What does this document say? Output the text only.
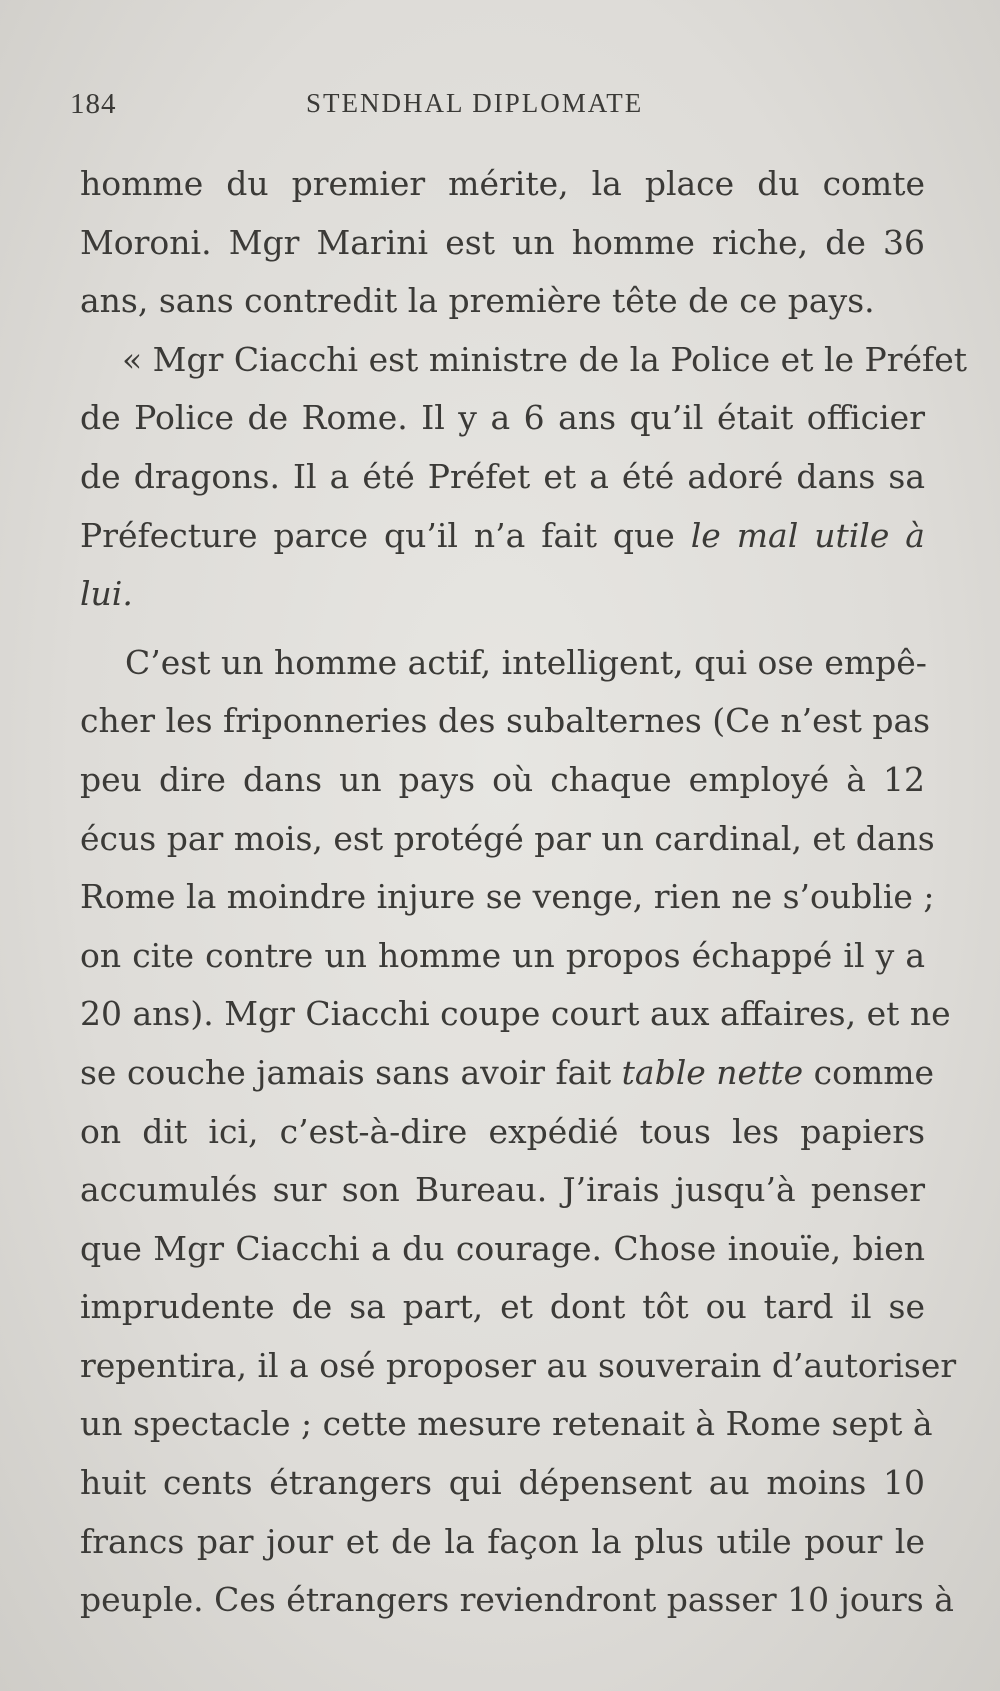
184	STENDHAL DIPLOMATE
homme du premier mérite, la place du comte
Moroni. Mgr Marini est un homme riche, de 36
ans, sans contredit la première tête de ce pays.
« Mgr Ciacchi est ministre de la Police et le Préfet
de Police de Rome. Il y a 6 ans qu’il était officier
de dragons. Il a été Préfet et a été adoré dans sa
Préfecture parce qu’il n’a fait que le mal utile à
lui.
C’est un homme actif, intelligent, qui ose empê-
cher les friponneries des subalternes (Ce n’est pas
peu dire dans un pays où chaque employé à 12
écus par mois, est protégé par un cardinal, et dans
Rome la moindre injure se venge, rien ne s’oublie ;
on cite contre un homme un propos échappé il y a
20 ans). Mgr Ciacchi coupe court aux affaires, et ne
se couche jamais sans avoir fait table nette comme
on dit ici, c’est-à-dire expédié tous les papiers
accumulés sur son Bureau. J’irais jusqu’à penser
que Mgr Ciacchi a du courage. Chose inouïe, bien
imprudente de sa part, et dont tôt ou tard il se
repentira, il a osé proposer au souverain d’autoriser
un spectacle ; cette mesure retenait à Rome sept à
huit cents étrangers qui dépensent au moins 10
francs par jour et de la façon la plus utile pour le
peuple. Ces étrangers reviendront passer 10 jours à
